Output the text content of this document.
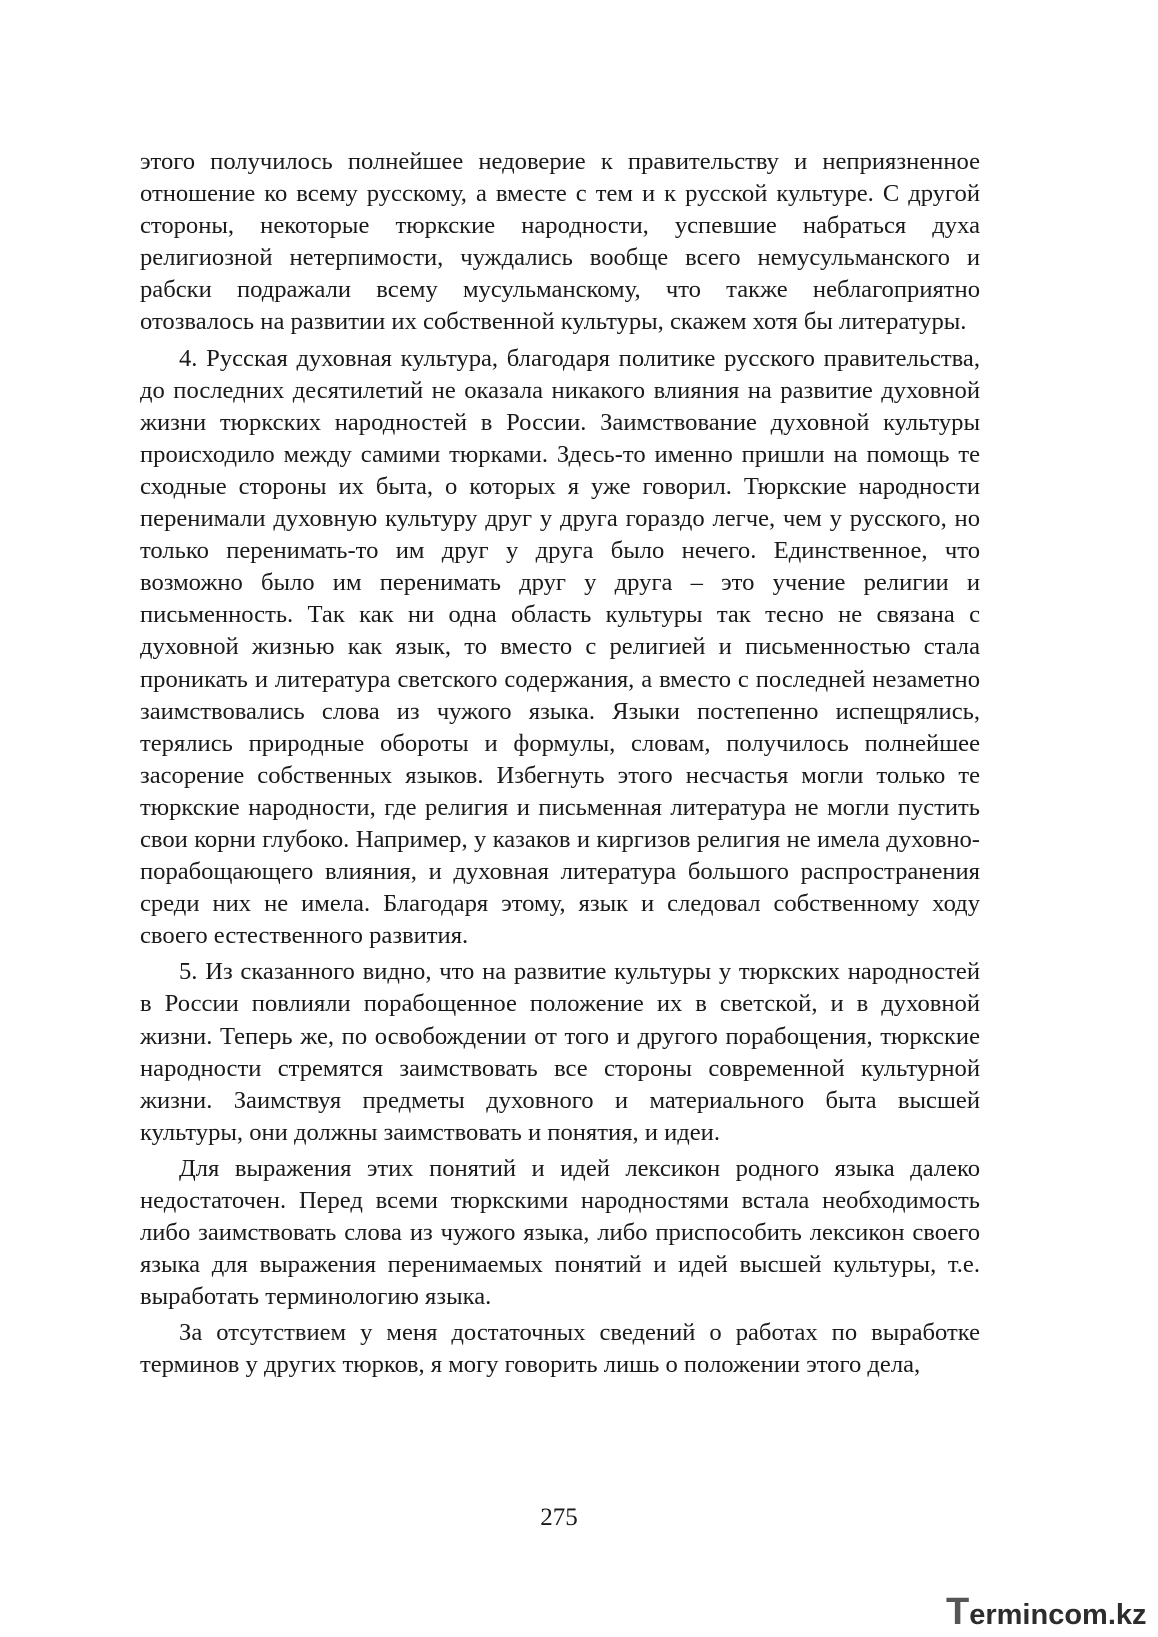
этого получилось полнейшее недоверие к правительству и неприязненное отношение ко всему русскому, а вместе с тем и к русской культуре. С другой стороны, некоторые тюркские народности, успевшие набраться духа религиозной нетерпимости, чуждались вообще всего немусульманского и рабски подражали всему мусульманскому, что также неблагоприятно отозвалось на развитии их собственной культуры, скажем хотя бы литературы.

4. Русская духовная культура, благодаря политике русского правительства, до последних десятилетий не оказала никакого влияния на развитие духовной жизни тюркских народностей в России. Заимствование духовной культуры происходило между самими тюрками. Здесь-то именно пришли на помощь те сходные стороны их быта, о которых я уже говорил. Тюркские народности перенимали духовную культуру друг у друга гораздо легче, чем у русского, но только перенимать-то им друг у друга было нечего. Единственное, что возможно было им перенимать друг у друга – это учение религии и письменность. Так как ни одна область культуры так тесно не связана с духовной жизнью как язык, то вместо с религией и письменностью стала проникать и литература светского содержания, а вместо с последней незаметно заимствовались слова из чужого языка. Языки постепенно испещрялись, терялись природные обороты и формулы, словам, получилось полнейшее засорение собственных языков. Избегнуть этого несчастья могли только те тюркские народности, где религия и письменная литература не могли пустить свои корни глубоко. Например, у казаков и киргизов религия не имела духовно-порабощающего влияния, и духовная литература большого распространения среди них не имела. Благодаря этому, язык и следовал собственному ходу своего естественного развития.

5. Из сказанного видно, что на развитие культуры у тюркских народностей в России повлияли порабощенное положение их в светской, и в духовной жизни. Теперь же, по освобождении от того и другого порабощения, тюркские народности стремятся заимствовать все стороны современной культурной жизни. Заимствуя предметы духовного и материального быта высшей культуры, они должны заимствовать и понятия, и идеи.

Для выражения этих понятий и идей лексикон родного языка далеко недостаточен. Перед всеми тюркскими народностями встала необходимость либо заимствовать слова из чужого языка, либо приспособить лексикон своего языка для выражения перенимаемых понятий и идей высшей культуры, т.е. выработать терминологию языка.

За отсутствием у меня достаточных сведений о работах по выработке терминов у других тюрков, я могу говорить лишь о положении этого дела,

275
Termincom.kz
